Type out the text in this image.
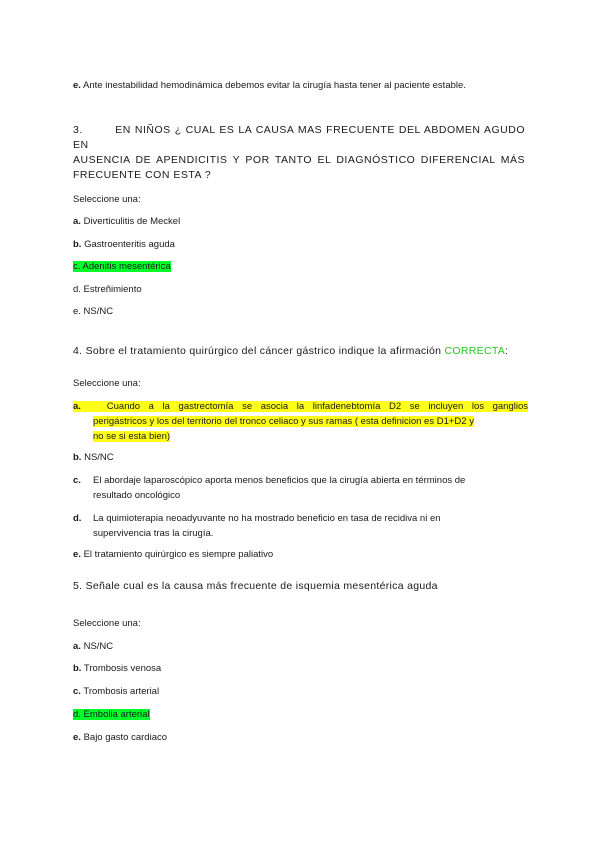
e. Ante inestabilidad hemodinámica debemos evitar la cirugía hasta tener al paciente estable.
3.	EN NIÑOS ¿ CUAL ES LA CAUSA MAS FRECUENTE DEL ABDOMEN AGUDO EN
AUSENCIA DE APENDICITIS Y POR TANTO EL DIAGNÓSTICO DIFERENCIAL MÁS
FRECUENTE CON ESTA ?
Seleccione una:
a. Diverticulitis de Meckel
b. Gastroenteritis aguda
c. Adenitis mesentérica
d. Estreñimiento
e. NS/NC
4. Sobre el tratamiento quirúrgico del cáncer gástrico indique la afirmación CORRECTA:
Seleccione una:
a.	Cuando a la gastrectomía se asocia la linfadenebtomía D2 se incluyen los ganglios
perigástricos y los del territorio del tronco celiaco y sus ramas ( esta definicion es D1+D2 y
no se si esta bien)
b. NS/NC
c. El abordaje laparoscópico aporta menos beneficios que la cirugía abierta en términos de
resultado oncológico
d. La quimioterapia neoadyuvante no ha mostrado beneficio en tasa de recidiva ni en
supervivencia tras la cirugía.
e. El tratamiento quirúrgico es siempre paliativo
5. Señale cual es la causa más frecuente de isquemia mesentérica aguda
Seleccione una:
a. NS/NC
b. Trombosis venosa
c. Trombosis arterial
d. Embolia arterial
e. Bajo gasto cardiaco
